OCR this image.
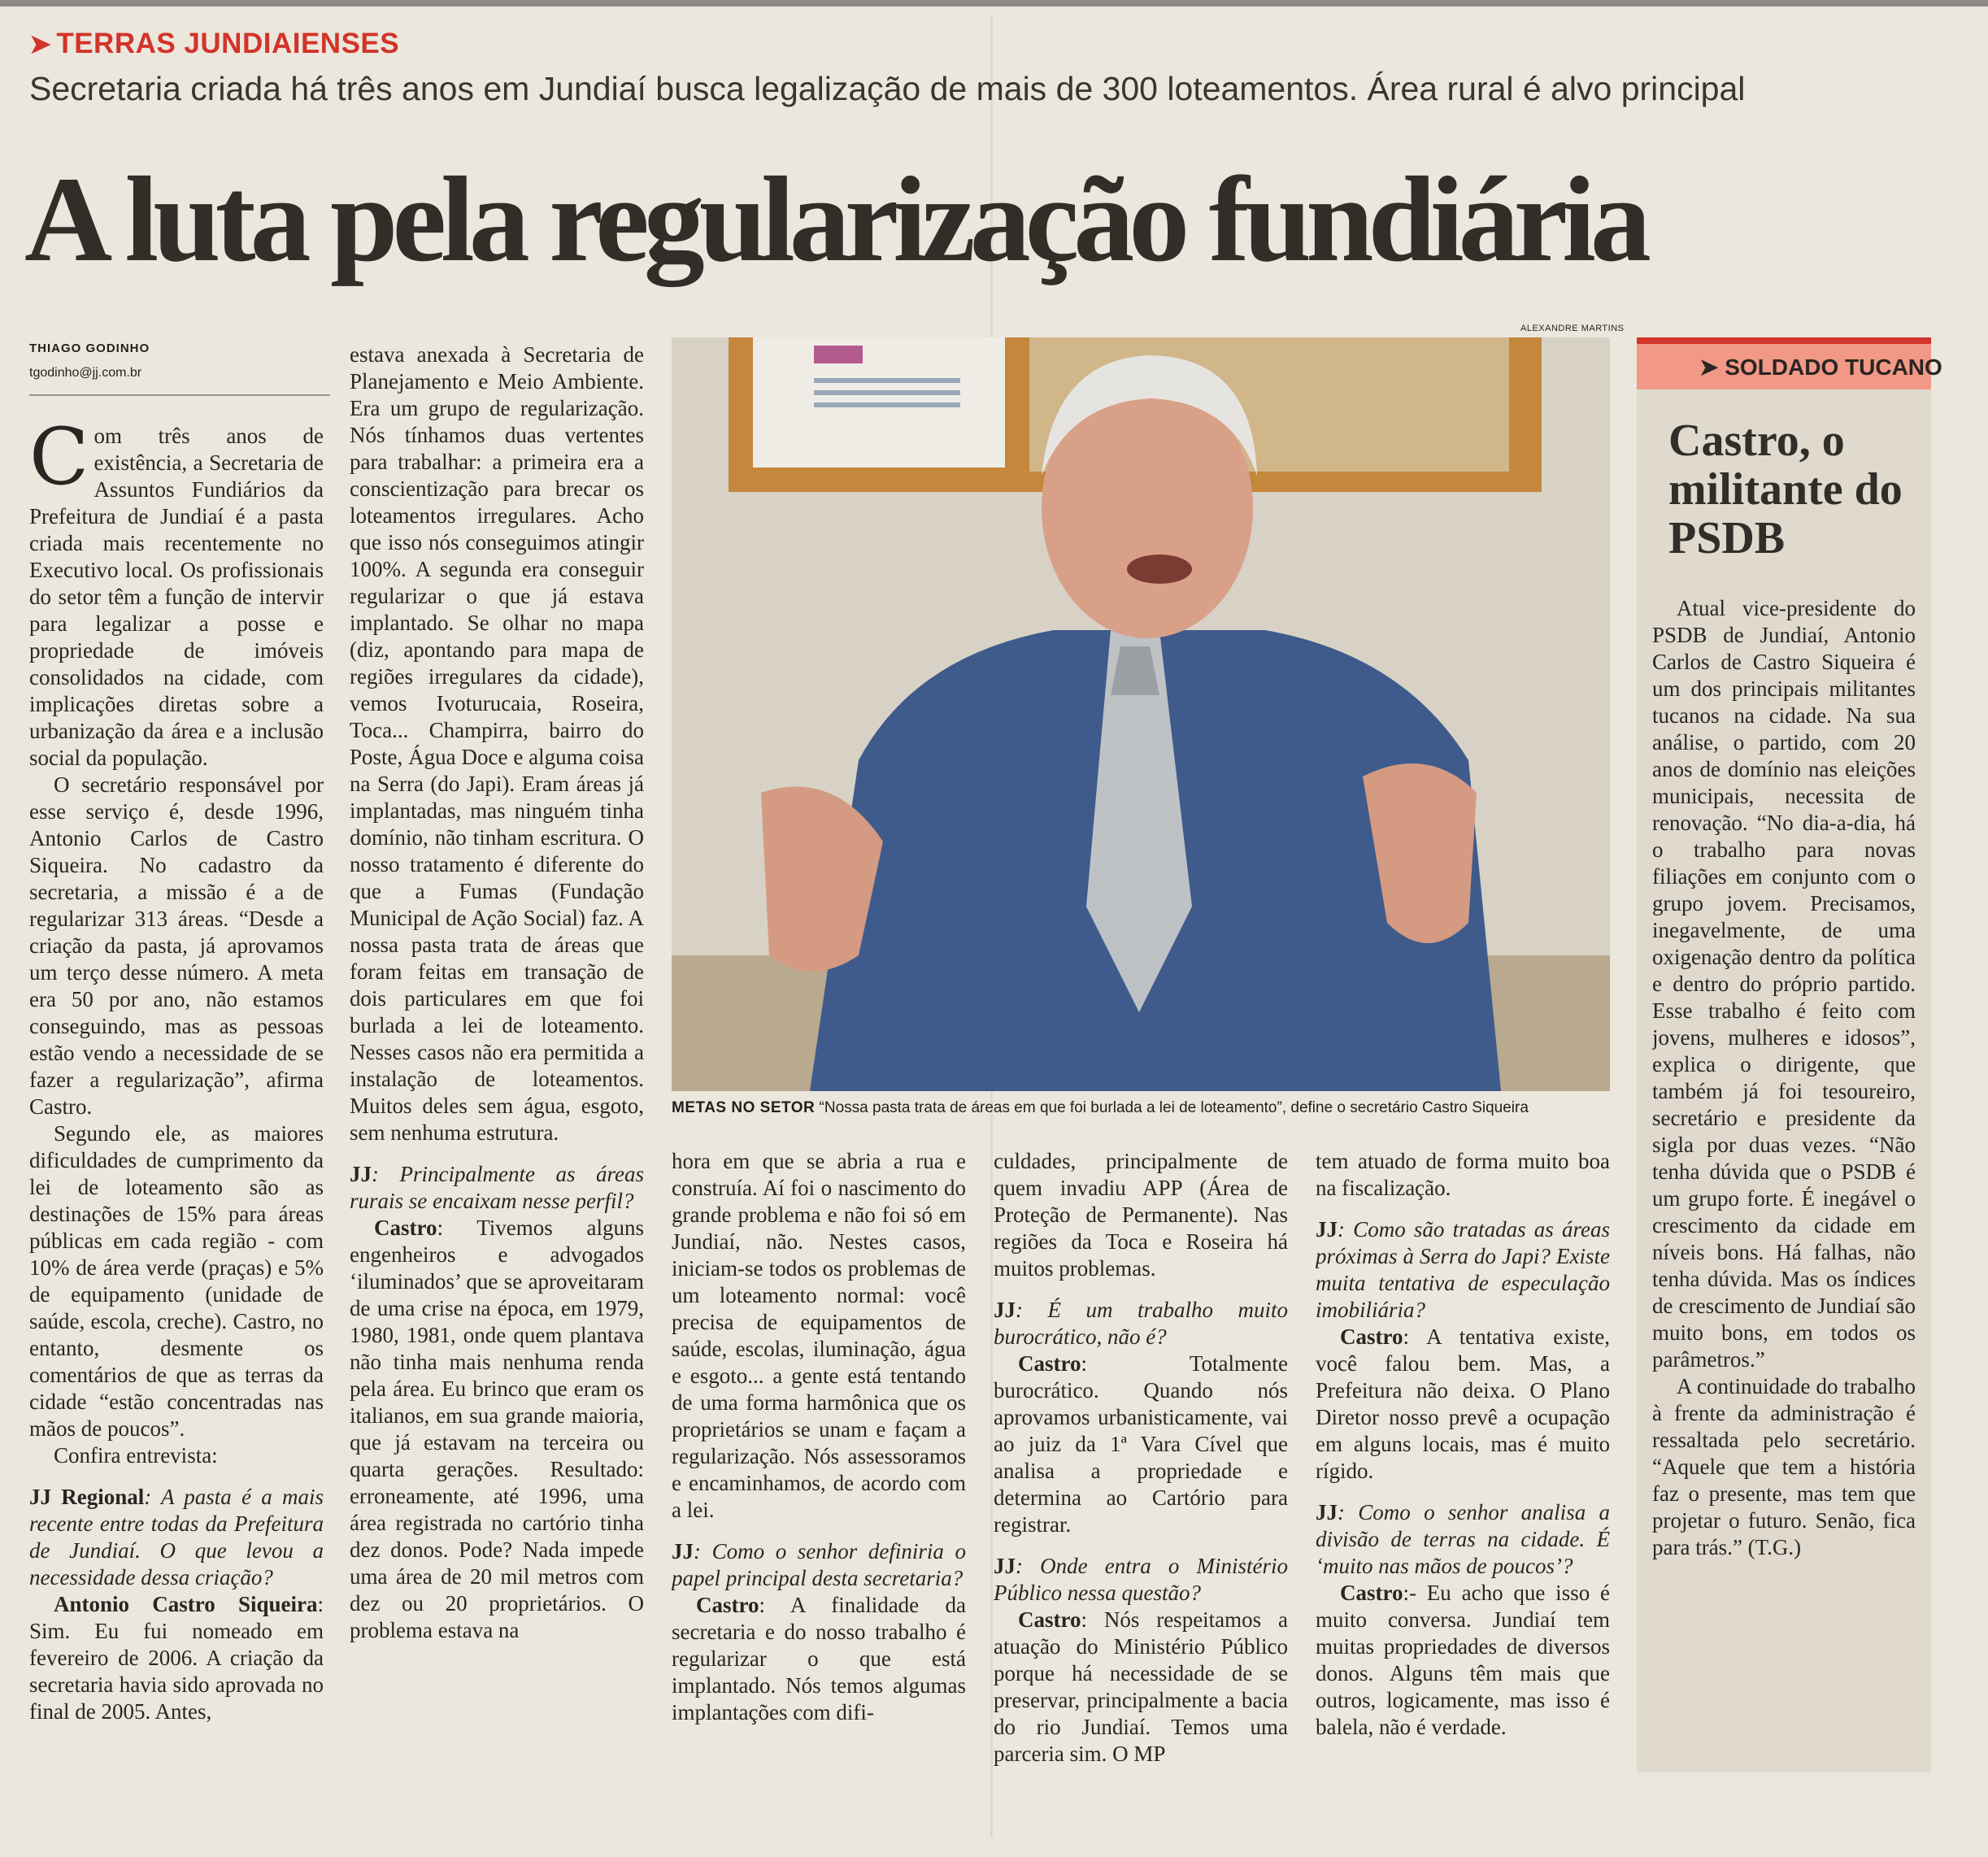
➤ TERRAS JUNDIAIENSES
Secretaria criada há três anos em Jundiaí busca legalização de mais de 300 loteamentos. Área rural é alvo principal
A luta pela regularização fundiária
THIAGO GODINHO
tgodinho@jj.com.br

Com três anos de existência, a Secretaria de Assuntos Fundiários da Prefeitura de Jundiaí é a pasta criada mais recentemente no Executivo local. Os profissionais do setor têm a função de intervir para legalizar a posse e propriedade de imóveis consolidados na cidade, com implicações diretas sobre a urbanização da área e a inclusão social da população.

O secretário responsável por esse serviço é, desde 1996, Antonio Carlos de Castro Siqueira. No cadastro da secretaria, a missão é a de regularizar 313 áreas. “Desde a criação da pasta, já aprovamos um terço desse número. A meta era 50 por ano, não estamos conseguindo, mas as pessoas estão vendo a necessidade de se fazer a regularização”, afirma Castro.

Segundo ele, as maiores dificuldades de cumprimento da lei de loteamento são as destinações de 15% para áreas públicas em cada região - com 10% de área verde (praças) e 5% de equipamento (unidade de saúde, escola, creche). Castro, no entanto, desmente os comentários de que as terras da cidade “estão concentradas nas mãos de poucos”.

Confira entrevista:

JJ Regional: A pasta é a mais recente entre todas da Prefeitura de Jundiaí. O que levou a necessidade dessa criação?

Antonio Castro Siqueira: Sim. Eu fui nomeado em fevereiro de 2006. A criação da secretaria havia sido aprovada no final de 2005. Antes,

estava anexada à Secretaria de Planejamento e Meio Ambiente. Era um grupo de regularização. Nós tínhamos duas vertentes para trabalhar: a primeira era a conscientização para brecar os loteamentos irregulares. Acho que isso nós conseguimos atingir 100%. A segunda era conseguir regularizar o que já estava implantado. Se olhar no mapa (diz, apontando para mapa de regiões irregulares da cidade), vemos Ivoturucaia, Roseira, Toca... Champirra, bairro do Poste, Água Doce e alguma coisa na Serra (do Japi). Eram áreas já implantadas, mas ninguém tinha domínio, não tinham escritura. O nosso tratamento é diferente do que a Fumas (Fundação Municipal de Ação Social) faz. A nossa pasta trata de áreas que foram feitas em transação de dois particulares em que foi burlada a lei de loteamento. Nesses casos não era permitida a instalação de loteamentos. Muitos deles sem água, esgoto, sem nenhuma estrutura.

JJ: Principalmente as áreas rurais se encaixam nesse perfil?

Castro: Tivemos alguns engenheiros e advogados ‘iluminados’ que se aproveitaram de uma crise na época, em 1979, 1980, 1981, onde quem plantava não tinha mais nenhuma renda pela área. Eu brinco que eram os italianos, em sua grande maioria, que já estavam na terceira ou quarta gerações. Resultado: erroneamente, até 1996, uma área registrada no cartório tinha dez donos. Pode? Nada impede uma área de 20 mil metros com dez ou 20 proprietários. O problema estava na

ALEXANDRE MARTINS
METAS NO SETOR “Nossa pasta trata de áreas em que foi burlada a lei de loteamento”, define o secretário Castro Siqueira

hora em que se abria a rua e construía. Aí foi o nascimento do grande problema e não foi só em Jundiaí, não. Nestes casos, iniciam-se todos os problemas de um loteamento normal: você precisa de equipamentos de saúde, escolas, iluminação, água e esgoto... a gente está tentando de uma forma harmônica que os proprietários se unam e façam a regularização. Nós assessoramos e encaminhamos, de acordo com a lei.

JJ: Como o senhor definiria o papel principal desta secretaria?

Castro: A finalidade da secretaria e do nosso trabalho é regularizar o que está implantado. Nós temos algumas implantações com difi-

culdades, principalmente de quem invadiu APP (Área de Proteção de Permanente). Nas regiões da Toca e Roseira há muitos problemas.

JJ: É um trabalho muito burocrático, não é?

Castro: Totalmente burocrático. Quando nós aprovamos urbanisticamente, vai ao juiz da 1ª Vara Cível que analisa a propriedade e determina ao Cartório para registrar.

JJ: Onde entra o Ministério Público nessa questão?

Castro: Nós respeitamos a atuação do Ministério Público porque há necessidade de se preservar, principalmente a bacia do rio Jundiaí. Temos uma parceria sim. O MP

tem atuado de forma muito boa na fiscalização.

JJ: Como são tratadas as áreas próximas à Serra do Japi? Existe muita tentativa de especulação imobiliária?

Castro: A tentativa existe, você falou bem. Mas, a Prefeitura não deixa. O Plano Diretor nosso prevê a ocupação em alguns locais, mas é muito rígido.

JJ: Como o senhor analisa a divisão de terras na cidade. É ‘muito nas mãos de poucos’?

Castro:- Eu acho que isso é muito conversa. Jundiaí tem muitas propriedades de diversos donos. Alguns têm mais que outros, logicamente, mas isso é balela, não é verdade.

➤ SOLDADO TUCANO
Castro, o militante do PSDB

Atual vice-presidente do PSDB de Jundiaí, Antonio Carlos de Castro Siqueira é um dos principais militantes tucanos na cidade. Na sua análise, o partido, com 20 anos de domínio nas eleições municipais, necessita de renovação. “No dia-a-dia, há o trabalho para novas filiações em conjunto com o grupo jovem. Precisamos, inegavelmente, de uma oxigenação dentro da política e dentro do próprio partido. Esse trabalho é feito com jovens, mulheres e idosos”, explica o dirigente, que também já foi tesoureiro, secretário e presidente da sigla por duas vezes. “Não tenha dúvida que o PSDB é um grupo forte. É inegável o crescimento da cidade em níveis bons. Há falhas, não tenha dúvida. Mas os índices de crescimento de Jundiaí são muito bons, em todos os parâmetros.”

A continuidade do trabalho à frente da administração é ressaltada pelo secretário. “Aquele que tem a história faz o presente, mas tem que projetar o futuro. Senão, fica para trás.” (T.G.)
